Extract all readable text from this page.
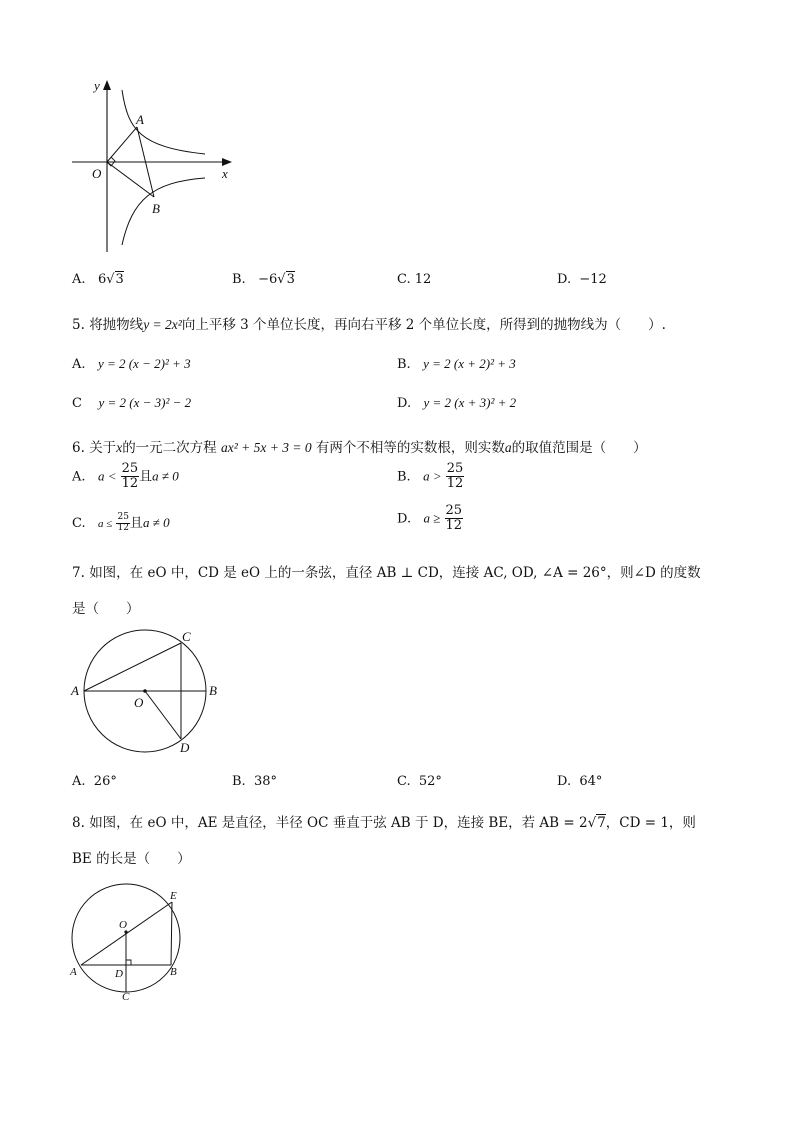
y
x
O
A
B
A. 6√3	B. −6√3	C. 12	D. −12
5. 将抛物线y = 2x²向上平移 3 个单位长度，再向右平移 2 个单位长度，所得到的抛物线为（　　）.
A. y = 2 (x − 2)² + 3	B. y = 2 (x + 2)² + 3
C y = 2 (x − 3)² − 2	D. y = 2 (x + 3)² + 2
6. 关于x的一元二次方程 ax² + 5x + 3 = 0 有两个不相等的实数根，则实数a的取值范围是（　　）
A. $a < \frac{25}{12}$ 且a ≠ 0	B. $a > \frac{25}{12}$
C. $a \le \frac{25}{12}$ 且a ≠ 0	D. $a \ge \frac{25}{12}$
7. 如图，在 eO 中，CD 是 eO 上的一条弦，直径 AB ⊥ CD，连接 AC, OD, ∠A = 26°，则∠D 的度数
是（　　）
A	B
C
D
O
A. 26°	B. 38°	C. 52°	D. 64°
8. 如图，在 eO 中，AE 是直径，半径 OC 垂直于弦 AB 于 D，连接 BE，若 AB = 2√7，CD = 1，则
BE 的长是（　　）
A	B
C
D
E
O
